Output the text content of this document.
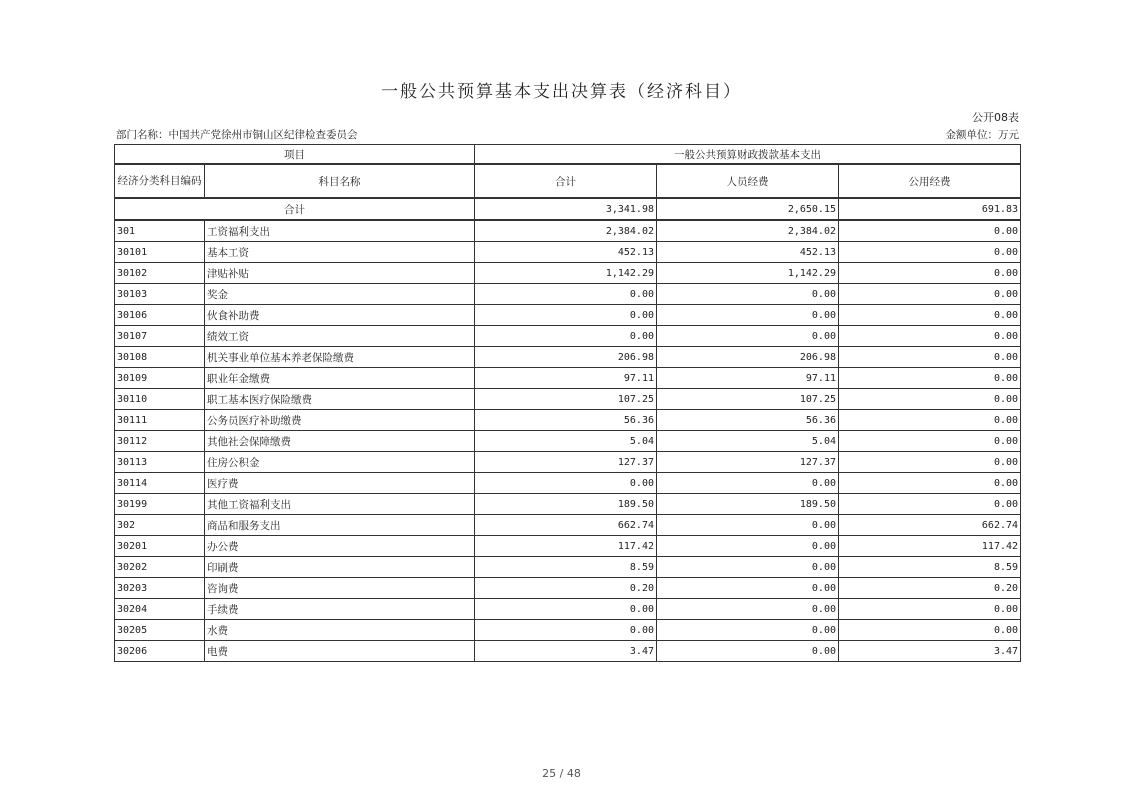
一般公共预算基本支出决算表（经济科目）
公开08表
部门名称：中国共产党徐州市铜山区纪律检查委员会	金额单位：万元
项目		一般公共预算财政拨款基本支出		
经济分类科目编码	科目名称	合计	人员经费	公用经费
合计		3,341.98	2,650.15	691.83
301	工资福利支出	2,384.02	2,384.02	0.00
30101	基本工资	452.13	452.13	0.00
30102	津贴补贴	1,142.29	1,142.29	0.00
30103	奖金	0.00	0.00	0.00
30106	伙食补助费	0.00	0.00	0.00
30107	绩效工资	0.00	0.00	0.00
30108	机关事业单位基本养老保险缴费	206.98	206.98	0.00
30109	职业年金缴费	97.11	97.11	0.00
30110	职工基本医疗保险缴费	107.25	107.25	0.00
30111	公务员医疗补助缴费	56.36	56.36	0.00
30112	其他社会保障缴费	5.04	5.04	0.00
30113	住房公积金	127.37	127.37	0.00
30114	医疗费	0.00	0.00	0.00
30199	其他工资福利支出	189.50	189.50	0.00
302	商品和服务支出	662.74	0.00	662.74
30201	办公费	117.42	0.00	117.42
30202	印刷费	8.59	0.00	8.59
30203	咨询费	0.20	0.00	0.20
30204	手续费	0.00	0.00	0.00
30205	水费	0.00	0.00	0.00
30206	电费	3.47	0.00	3.47
25 / 48
